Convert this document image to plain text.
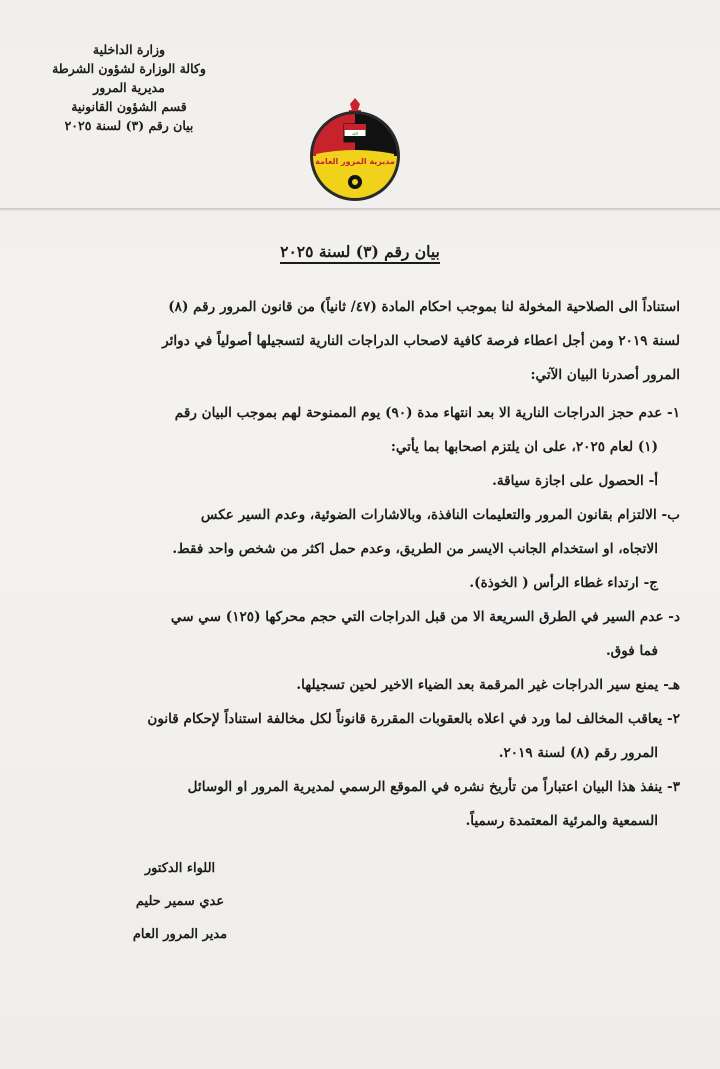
وزارة الداخلية
وكالة الوزارة لشؤون الشرطة
مديرية المرور
قسم الشؤون القانونية
بيان رقم (٣) لسنة ٢٠٢٥
الله
مديرية المرور العامة
بيان رقم (٣) لسنة ٢٠٢٥

استناداً الى الصلاحية المخولة لنا بموجب احكام المادة (٤٧/ ثانياً) من قانون المرور رقم (٨)

لسنة ٢٠١٩ ومن أجل اعطاء فرصة كافية لاصحاب الدراجات النارية لتسجيلها أصولياً في دوائر

المرور أصدرنا البيان الآتي:

١- عدم حجز الدراجات النارية الا بعد انتهاء مدة (٩٠) يوم الممنوحة لهم بموجب البيان رقم

(١) لعام ٢٠٢٥، على ان يلتزم اصحابها بما يأتي:

أ- الحصول على اجازة سياقة.

ب- الالتزام بقانون المرور والتعليمات النافذة، وبالاشارات الضوئية، وعدم السير عكس

الاتجاه، او استخدام الجانب الايسر من الطريق، وعدم حمل اكثر من شخص واحد فقط.

ج- ارتداء غطاء الرأس ( الخوذة).

د- عدم السير في الطرق السريعة الا من قبل الدراجات التي حجم محركها (١٢٥) سي سي

فما فوق.

هـ- يمنع سير الدراجات غير المرقمة بعد الضياء الاخير لحين تسجيلها.

٢- يعاقب المخالف لما ورد في اعلاه بالعقوبات المقررة قانوناً لكل مخالفة استناداً لإحكام قانون

المرور رقم (٨) لسنة ٢٠١٩.

٣- ينفذ هذا البيان اعتباراً من تأريخ نشره في الموقع الرسمي لمديرية المرور او الوسائل

السمعية والمرئية المعتمدة رسمياً.

اللواء الدكتور
عدي سمير حليم
مدير المرور العام
